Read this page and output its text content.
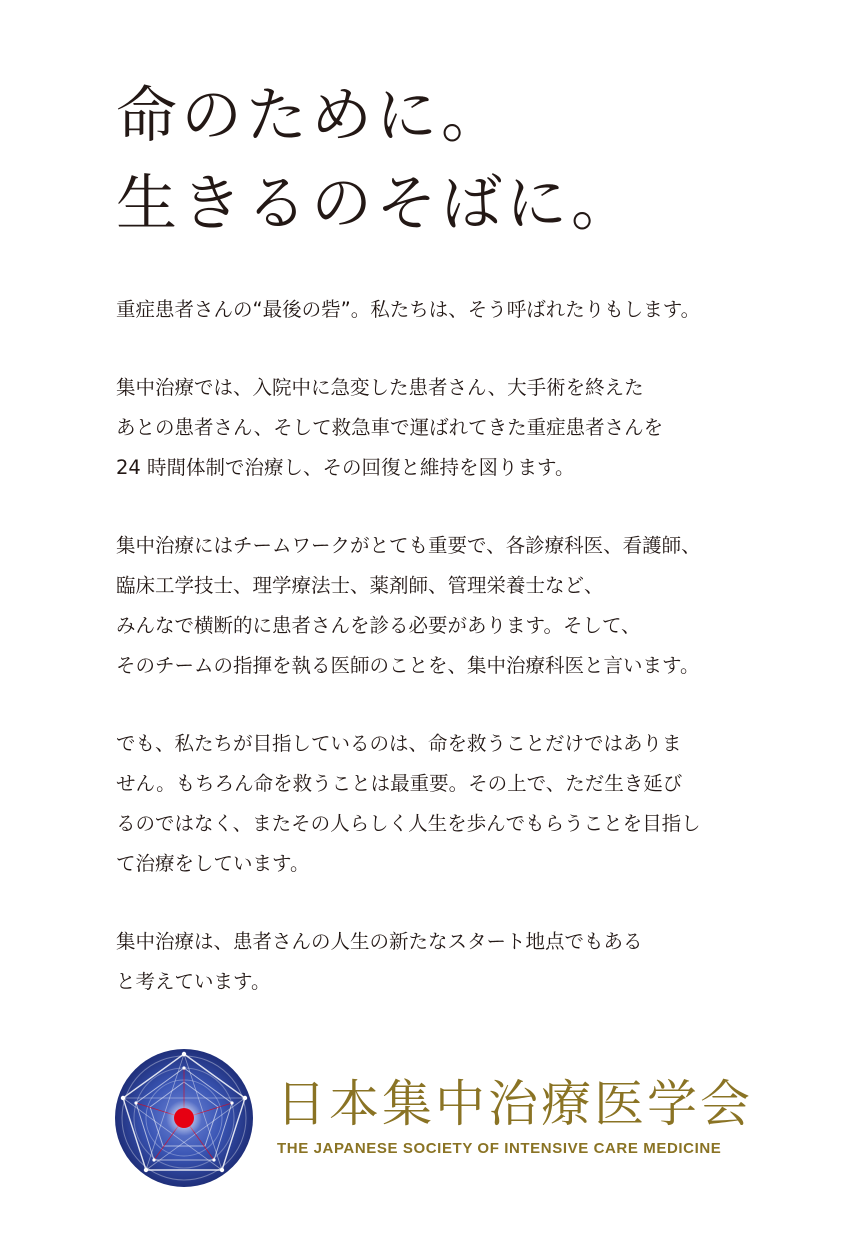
命のために。
生きるのそばに。

重症患者さんの“最後の砦”。私たちは、そう呼ばれたりもします。

集中治療では、入院中に急変した患者さん、大手術を終えた
あとの患者さん、そして救急車で運ばれてきた重症患者さんを
24 時間体制で治療し、その回復と維持を図ります。

集中治療にはチームワークがとても重要で、各診療科医、看護師、
臨床工学技士、理学療法士、薬剤師、管理栄養士など、
みんなで横断的に患者さんを診る必要があります。そして、
そのチームの指揮を執る医師のことを、集中治療科医と言います。

でも、私たちが目指しているのは、命を救うことだけではありま
せん。もちろん命を救うことは最重要。その上で、ただ生き延び
るのではなく、またその人らしく人生を歩んでもらうことを目指し
て治療をしています。

集中治療は、患者さんの人生の新たなスタート地点でもある
と考えています。

日本集中治療医学会
THE JAPANESE SOCIETY OF INTENSIVE CARE MEDICINE
